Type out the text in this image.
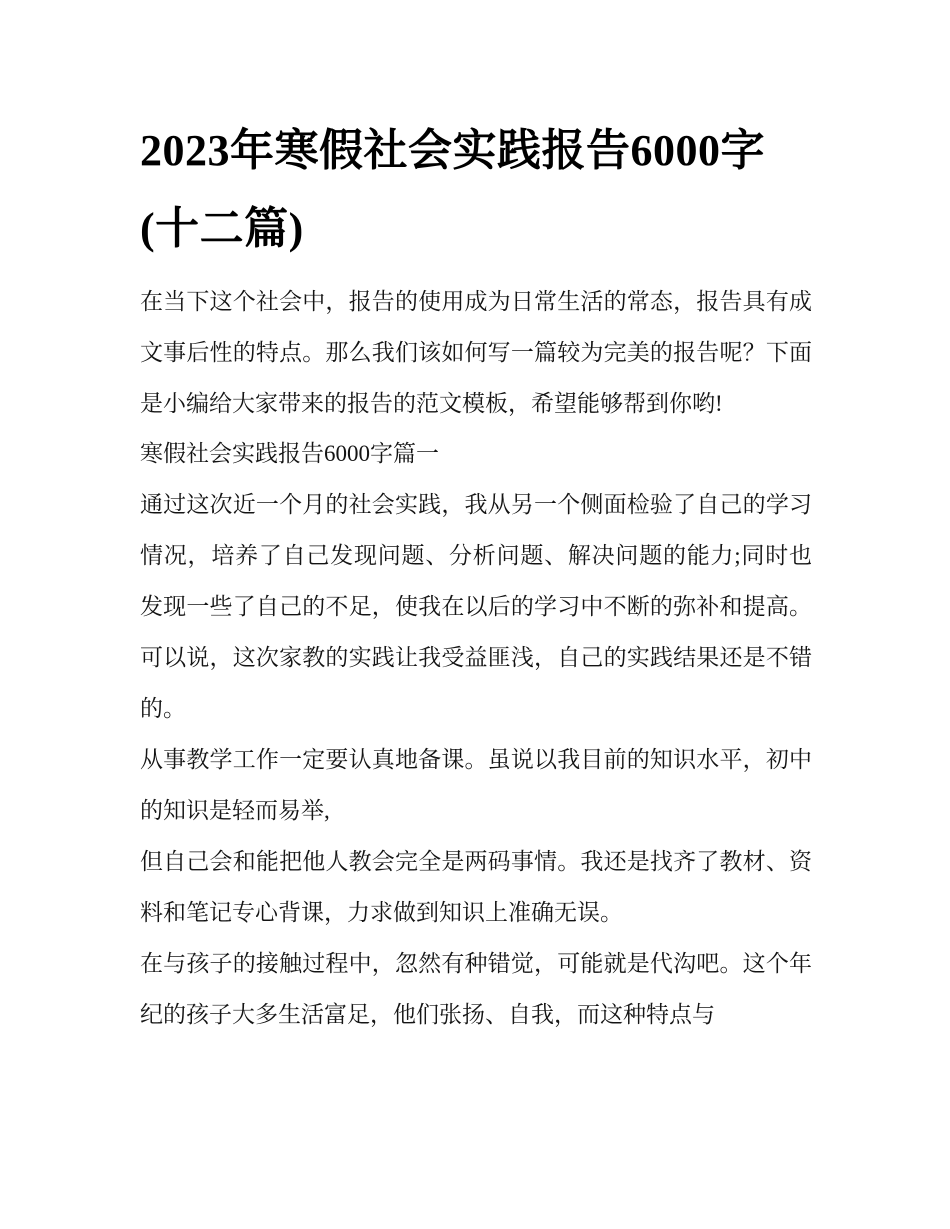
2023年寒假社会实践报告6000字(十二篇)

在当下这个社会中，报告的使用成为日常生活的常态，报告具有成文事后性的特点。那么我们该如何写一篇较为完美的报告呢？下面是小编给大家带来的报告的范文模板，希望能够帮到你哟!

寒假社会实践报告6000字篇一

通过这次近一个月的社会实践，我从另一个侧面检验了自己的学习情况，培养了自己发现问题、分析问题、解决问题的能力;同时也发现一些了自己的不足，使我在以后的学习中不断的弥补和提高。可以说，这次家教的实践让我受益匪浅，自己的实践结果还是不错的。

从事教学工作一定要认真地备课。虽说以我目前的知识水平，初中的知识是轻而易举,

但自己会和能把他人教会完全是两码事情。我还是找齐了教材、资料和笔记专心背课，力求做到知识上准确无误。

在与孩子的接触过程中，忽然有种错觉，可能就是代沟吧。这个年纪的孩子大多生活富足，他们张扬、自我，而这种特点与
